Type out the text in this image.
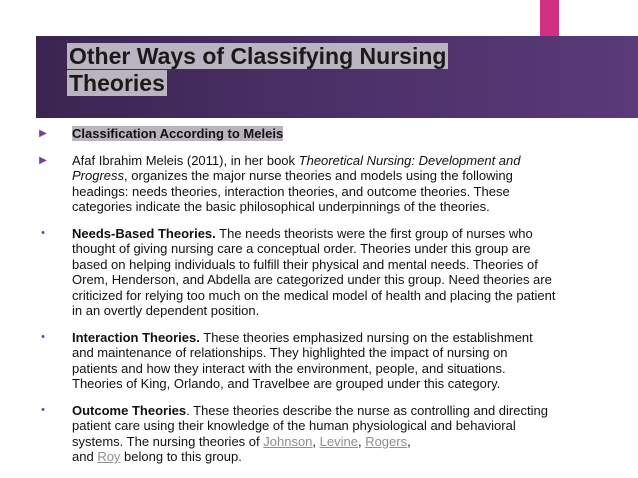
Other Ways of Classifying Nursing
Theories
▶ Classification According to Meleis

▶ Afaf Ibrahim Meleis (2011), in her book Theoretical Nursing: Development and Progress, organizes the major nurse theories and models using the following headings: needs theories, interaction theories, and outcome theories. These categories indicate the basic philosophical underpinnings of the theories.

•	Needs-Based Theories. The needs theorists were the first group of nurses who thought of giving nursing care a conceptual order. Theories under this group are based on helping individuals to fulfill their physical and mental needs. Theories of Orem, Henderson, and Abdella are categorized under this group. Need theories are criticized for relying too much on the medical model of health and placing the patient in an overtly dependent position.

•	Interaction Theories. These theories emphasized nursing on the establishment and maintenance of relationships. They highlighted the impact of nursing on patients and how they interact with the environment, people, and situations. Theories of King, Orlando, and Travelbee are grouped under this category.

•	Outcome Theories. These theories describe the nurse as controlling and directing patient care using their knowledge of the human physiological and behavioral systems. The nursing theories of Johnson, Levine, Rogers,
and Roy belong to this group.
